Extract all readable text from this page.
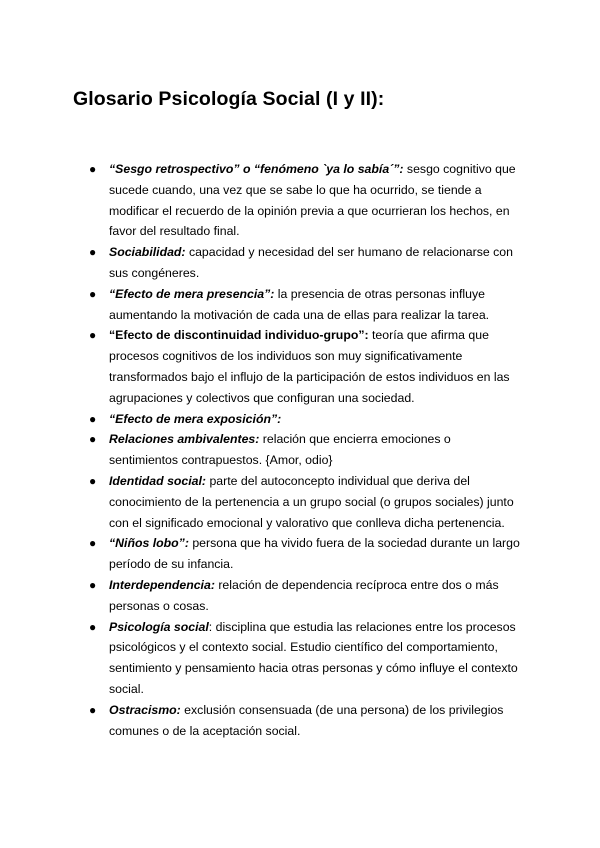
Glosario Psicología Social (I y II):
● “Sesgo retrospectivo” o “fenómeno `ya lo sabía´”: sesgo cognitivo que sucede cuando, una vez que se sabe lo que ha ocurrido, se tiende a modificar el recuerdo de la opinión previa a que ocurrieran los hechos, en favor del resultado final.
● Sociabilidad: capacidad y necesidad del ser humano de relacionarse con sus congéneres.
● “Efecto de mera presencia”: la presencia de otras personas influye aumentando la motivación de cada una de ellas para realizar la tarea.
● “Efecto de discontinuidad individuo-grupo”: teoría que afirma que procesos cognitivos de los individuos son muy significativamente transformados bajo el influjo de la participación de estos individuos en las agrupaciones y colectivos que configuran una sociedad.
● “Efecto de mera exposición”:
● Relaciones ambivalentes: relación que encierra emociones o sentimientos contrapuestos. {Amor, odio}
● Identidad social: parte del autoconcepto individual que deriva del conocimiento de la pertenencia a un grupo social (o grupos sociales) junto con el significado emocional y valorativo que conlleva dicha pertenencia.
● “Niños lobo”: persona que ha vivido fuera de la sociedad durante un largo período de su infancia.
● Interdependencia: relación de dependencia recíproca entre dos o más personas o cosas.
● Psicología social: disciplina que estudia las relaciones entre los procesos psicológicos y el contexto social. Estudio científico del comportamiento, sentimiento y pensamiento hacia otras personas y cómo influye el contexto social.
● Ostracismo: exclusión consensuada (de una persona) de los privilegios comunes o de la aceptación social.
